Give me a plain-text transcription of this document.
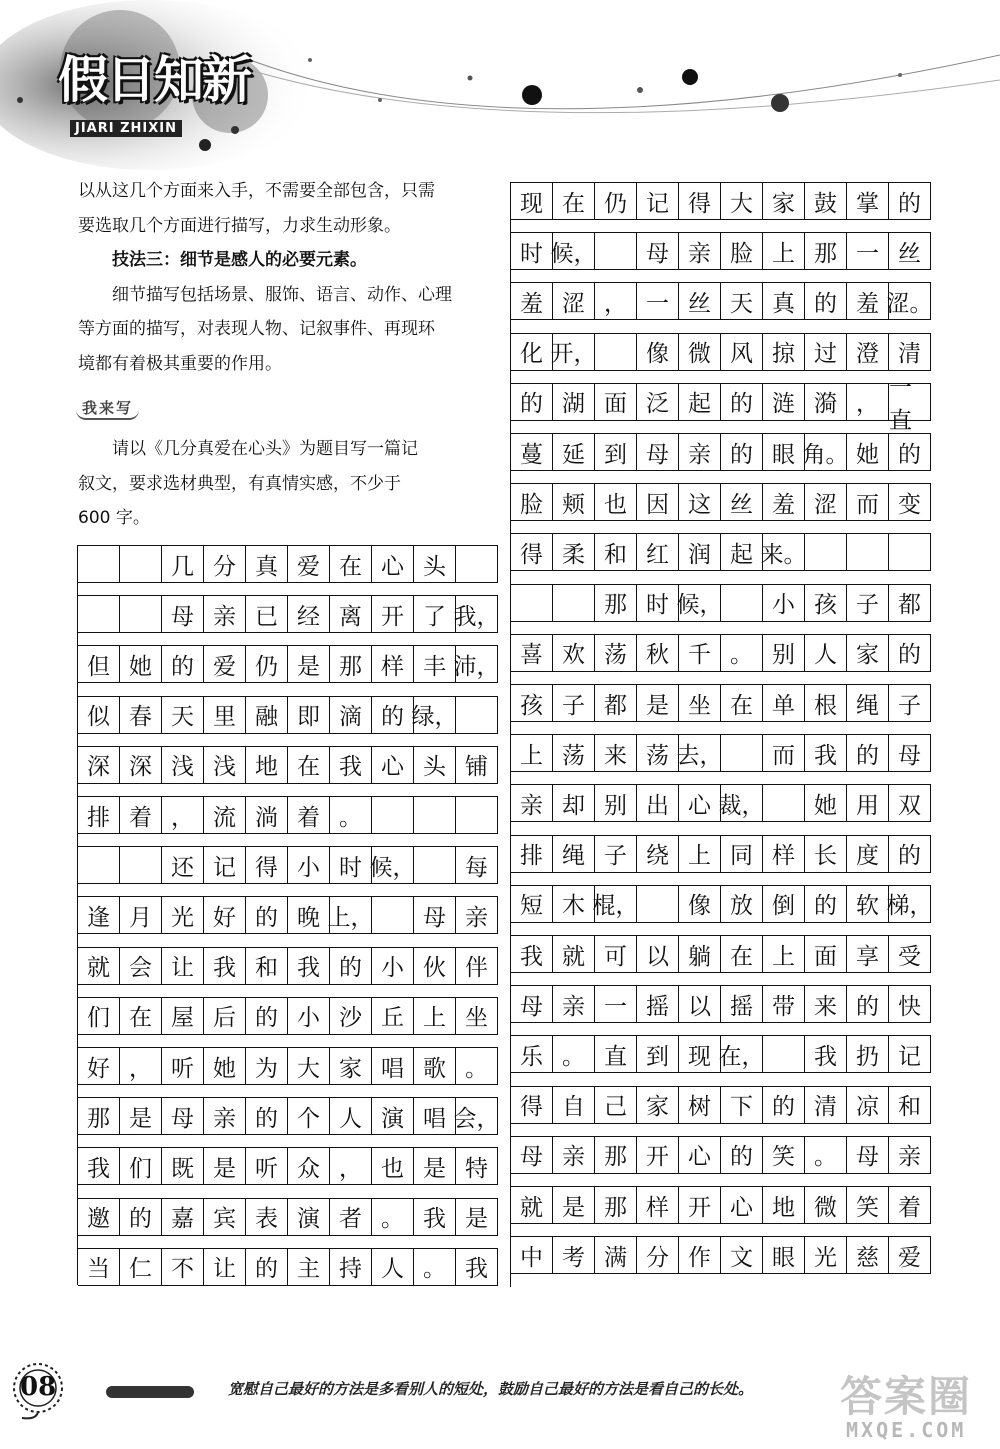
假日知新
JIARI ZHIXIN

以从这几个方面来入手，不需要全部包含，只需

要选取几个方面进行描写，力求生动形象。

技法三：细节是感人的必要元素。

细节描写包括场景、服饰、语言、动作、心理

等方面的描写，对表现人物、记叙事件、再现环

境都有着极其重要的作用。

我来写

请以《几分真爱在心头》为题目写一篇记

叙文，要求选材典型，有真情实感，不少于

600 字。

几 分 真 爱 在 心 头
母 亲 已 经 离 开 了 我，
但 她 的 爱 仍 是 那 样 丰 沛，
似 春 天 里 融 即 滴 的 绿，
深 深 浅 浅 地 在 我 心 头 铺
排 着 ， 流 淌 着 。
还 记 得 小 时 候，	每
逢 月 光 好 的 晚 上，	母 亲
就 会 让 我 和 我 的 小 伙 伴
们 在 屋 后 的 小 沙 丘 上 坐
好 ， 听 她 为 大 家 唱 歌 。
那 是 母 亲 的 个 人 演 唱 会，
我 们 既 是 听 众 ， 也 是 特
邀 的 嘉 宾 表 演 者 。 我 是
当 仁 不 让 的 主 持 人 。 我
现 在 仍 记 得 大 家 鼓 掌 的
时 候，	母 亲 脸 上 那 一 丝
羞 涩 ， 一 丝 天 真 的 羞 涩。
化 开，	像 微 风 掠 过 澄 清
的 湖 面 泛 起 的 涟 漪 ，
一直
蔓 延 到 母 亲 的 眼 角。 她 的
脸 颊 也 因 这 丝 羞 涩 而 变
得 柔 和 红 润 起 来。
那 时 候，	小 孩 子 都
喜 欢 荡 秋 千 。 别 人 家 的
孩 子 都 是 坐 在 单 根 绳 子
上 荡 来 荡 去，	而 我 的 母
亲 却 别 出 心 裁，	她 用 双
排 绳 子 绕 上 同 样 长 度 的
短 木 棍，	像 放 倒 的 软 梯，
我 就 可 以 躺 在 上 面 享 受
母 亲 一 摇 以 摇 带 来 的 快
乐 。 直 到 现 在，	我 扔 记
得 自 己 家 树 下 的 清 凉 和
母 亲 那 开 心 的 笑 。 母 亲
就 是 那 样 开 心 地 微 笑 着
中 考 满 分 作 文 眼 光 慈 爱
08	宽慰自己最好的方法是多看别人的短处，鼓励自己最好的方法是看自己的长处。 答案圈
MXQE.COM
